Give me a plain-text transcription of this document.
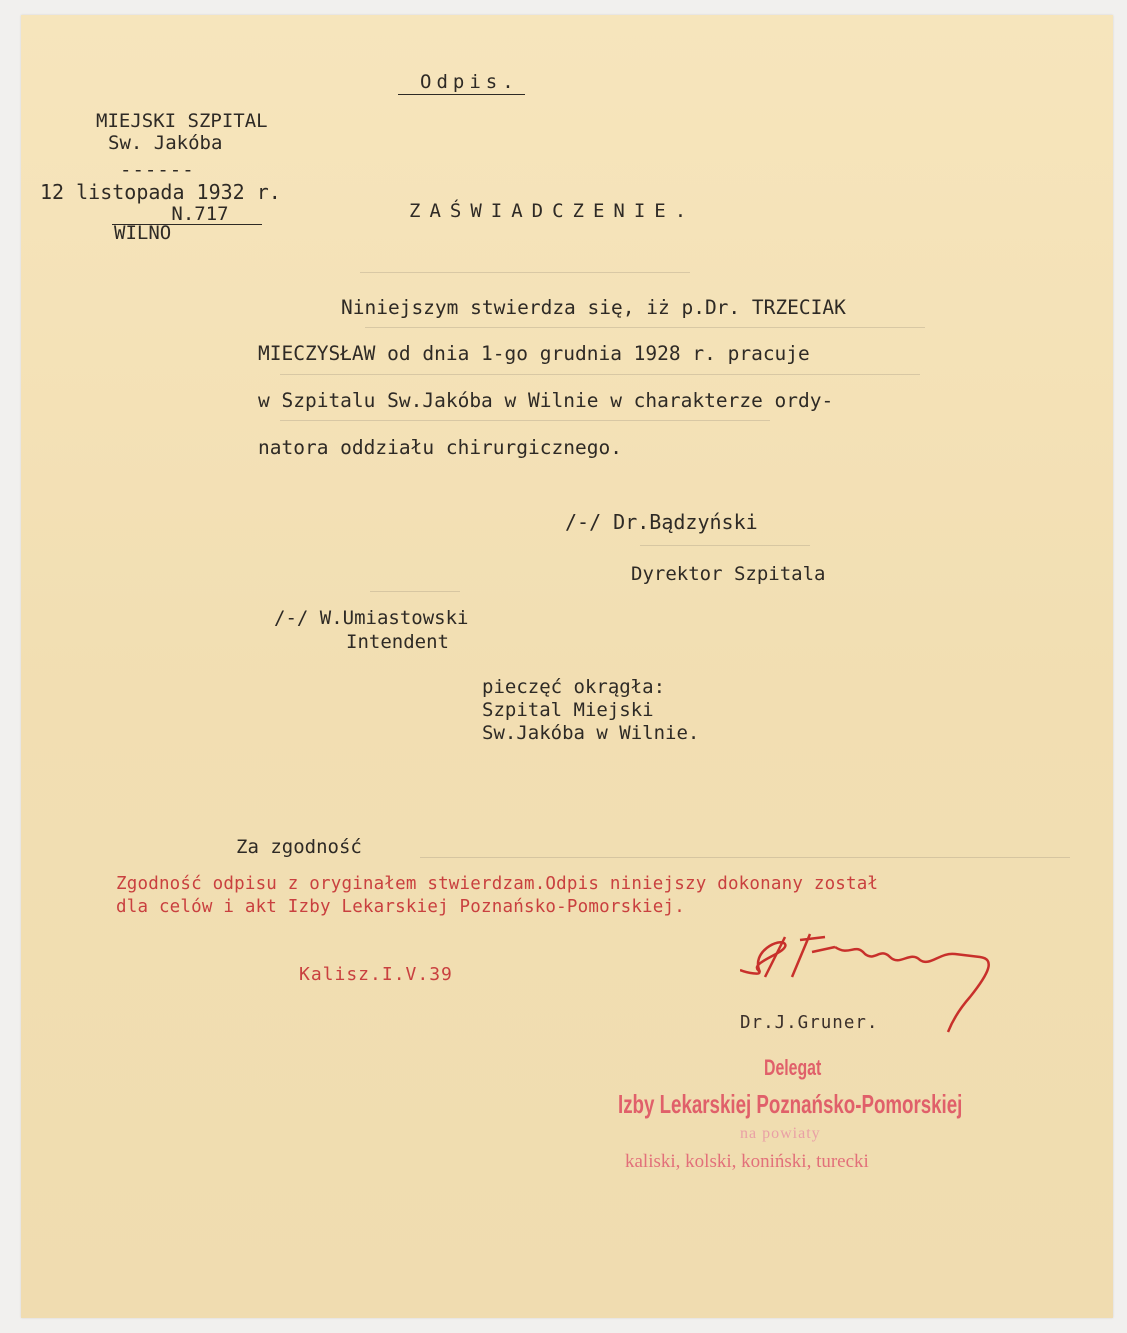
Odpis.
MIEJSKI SZPITAL
Sw. Jakóba
------
12 listopada 1932 r.
N.717
WILNO
ZAŚWIADCZENIE.
Niniejszym stwierdza się, iż p.Dr. TRZECIAK
MIECZYSŁAW od dnia 1-go grudnia 1928 r. pracuje
w Szpitalu Sw.Jakóba w Wilnie w charakterze ordy-
natora oddziału chirurgicznego.
/-/ Dr.Bądzyński
Dyrektor Szpitala
/-/ W.Umiastowski
Intendent
pieczęć okrągła:
Szpital Miejski
Sw.Jakóba w Wilnie.
Za zgodność
Zgodność odpisu z oryginałem stwierdzam.Odpis niniejszy dokonany został
dla celów i akt Izby Lekarskiej Poznańsko-Pomorskiej.
Kalisz.I.V.39
Dr.J.Gruner.
Delegat
Izby Lekarskiej Poznańsko-Pomorskiej
na powiaty
kaliski, kolski, koniński, turecki
